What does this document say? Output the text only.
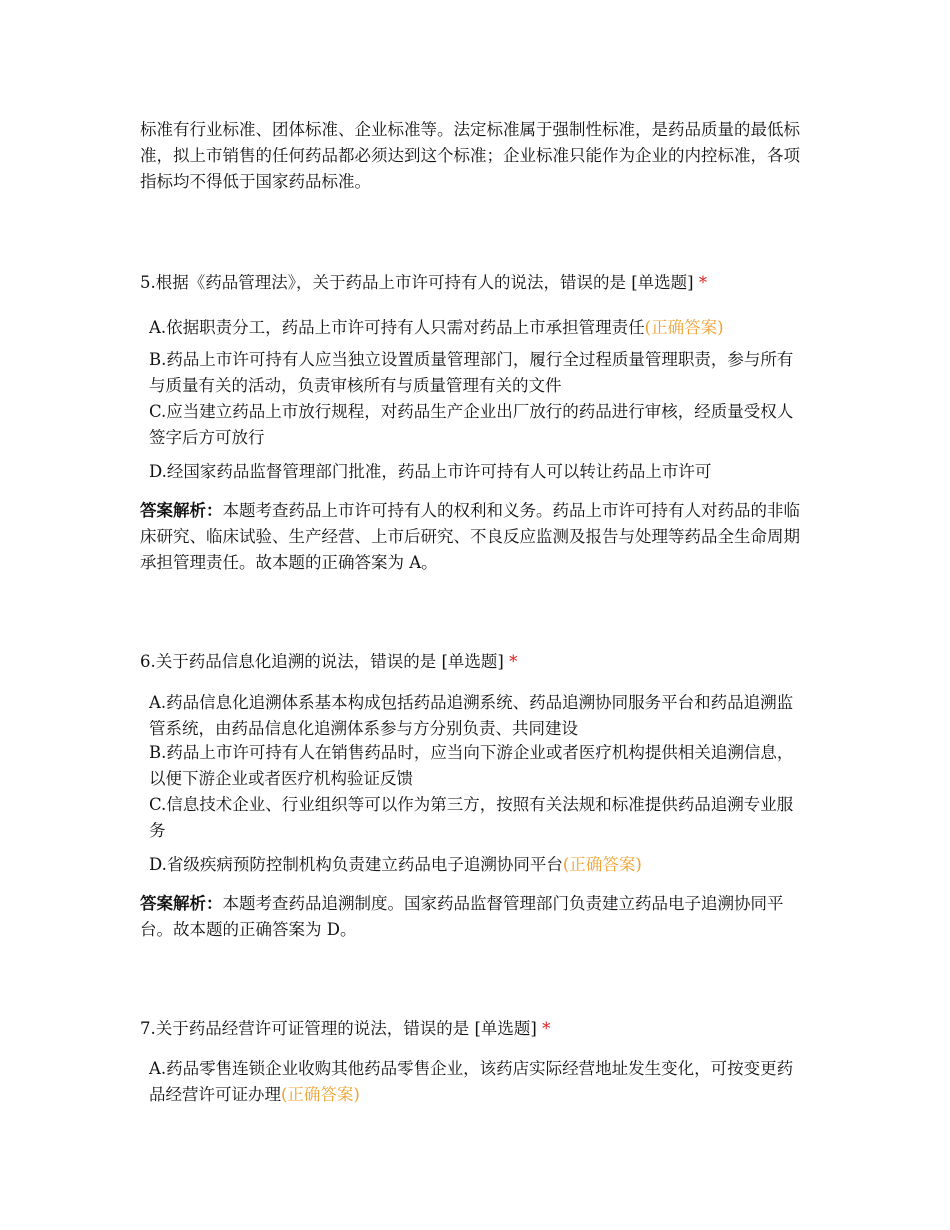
标准有行业标准、团体标准、企业标准等。法定标准属于强制性标准，是药品质量的最低标准，拟上市销售的任何药品都必须达到这个标准；企业标准只能作为企业的内控标准，各项指标均不得低于国家药品标准。
5.根据《药品管理法》，关于药品上市许可持有人的说法，错误的是 [单选题] *
A.依据职责分工，药品上市许可持有人只需对药品上市承担管理责任(正确答案)
B.药品上市许可持有人应当独立设置质量管理部门，履行全过程质量管理职责，参与所有与质量有关的活动，负责审核所有与质量管理有关的文件
C.应当建立药品上市放行规程，对药品生产企业出厂放行的药品进行审核，经质量受权人签字后方可放行
D.经国家药品监督管理部门批准，药品上市许可持有人可以转让药品上市许可
答案解析：本题考查药品上市许可持有人的权利和义务。药品上市许可持有人对药品的非临床研究、临床试验、生产经营、上市后研究、不良反应监测及报告与处理等药品全生命周期承担管理责任。故本题的正确答案为 A。
6.关于药品信息化追溯的说法，错误的是 [单选题] *
A.药品信息化追溯体系基本构成包括药品追溯系统、药品追溯协同服务平台和药品追溯监管系统，由药品信息化追溯体系参与方分别负责、共同建设
B.药品上市许可持有人在销售药品时，应当向下游企业或者医疗机构提供相关追溯信息，以便下游企业或者医疗机构验证反馈
C.信息技术企业、行业组织等可以作为第三方，按照有关法规和标准提供药品追溯专业服务
D.省级疾病预防控制机构负责建立药品电子追溯协同平台(正确答案)
答案解析：本题考查药品追溯制度。国家药品监督管理部门负责建立药品电子追溯协同平台。故本题的正确答案为 D。
7.关于药品经营许可证管理的说法，错误的是 [单选题] *
A.药品零售连锁企业收购其他药品零售企业，该药店实际经营地址发生变化，可按变更药品经营许可证办理(正确答案)
